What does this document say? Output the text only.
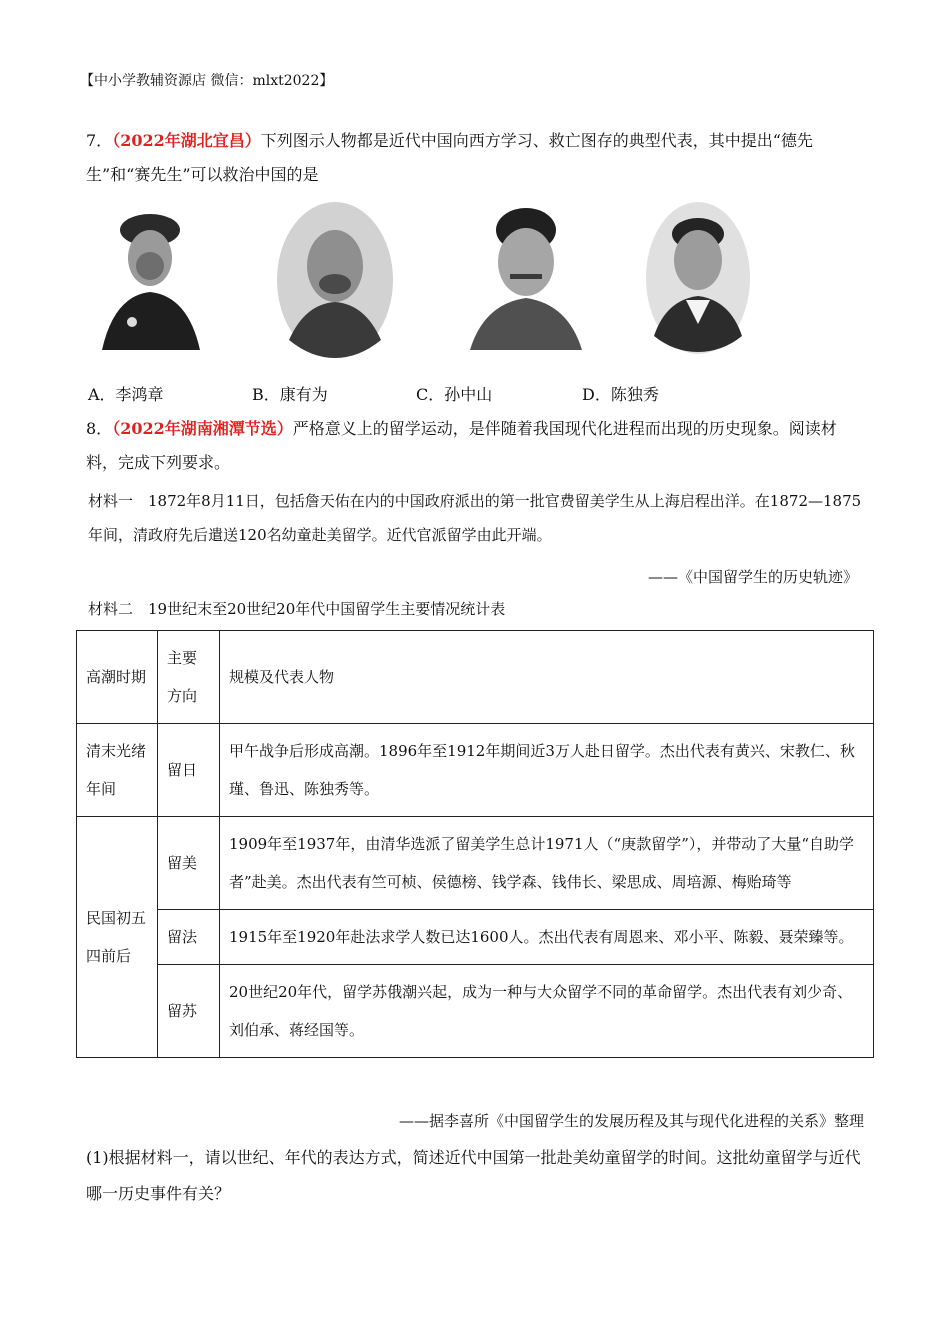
【中小学教辅资源店 微信：mlxt2022】
7．（2022年湖北宜昌）下列图示人物都是近代中国向西方学习、救亡图存的典型代表，其中提出“德先生”和“赛先生”可以救治中国的是
A．李鸿章	B．康有为	C．孙中山	D．陈独秀
8．（2022年湖南湘潭节选）严格意义上的留学运动，是伴随着我国现代化进程而出现的历史现象。阅读材料，完成下列要求。
材料一　1872年8月11日，包括詹天佑在内的中国政府派出的第一批官费留美学生从上海启程出洋。在1872—1875年间，清政府先后遣送120名幼童赴美留学。近代官派留学由此开端。
——《中国留学生的历史轨迹》
材料二　19世纪末至20世纪20年代中国留学生主要情况统计表
高潮时期	主要方向	规模及代表人物
清末光绪年间	留日	甲午战争后形成高潮。1896年至1912年期间近3万人赴日留学。杰出代表有黄兴、宋教仁、秋瑾、鲁迅、陈独秀等。
民国初五四前后	留美	1909年至1937年，由清华选派了留美学生总计1971人（“庚款留学”），并带动了大量“自助学者”赴美。杰出代表有竺可桢、侯德榜、钱学森、钱伟长、梁思成、周培源、梅贻琦等
	留法	1915年至1920年赴法求学人数已达1600人。杰出代表有周恩来、邓小平、陈毅、聂荣臻等。
	留苏	20世纪20年代，留学苏俄潮兴起，成为一种与大众留学不同的革命留学。杰出代表有刘少奇、刘伯承、蒋经国等。
——据李喜所《中国留学生的发展历程及其与现代化进程的关系》整理
(1)根据材料一，请以世纪、年代的表达方式，简述近代中国第一批赴美幼童留学的时间。这批幼童留学与近代哪一历史事件有关？
